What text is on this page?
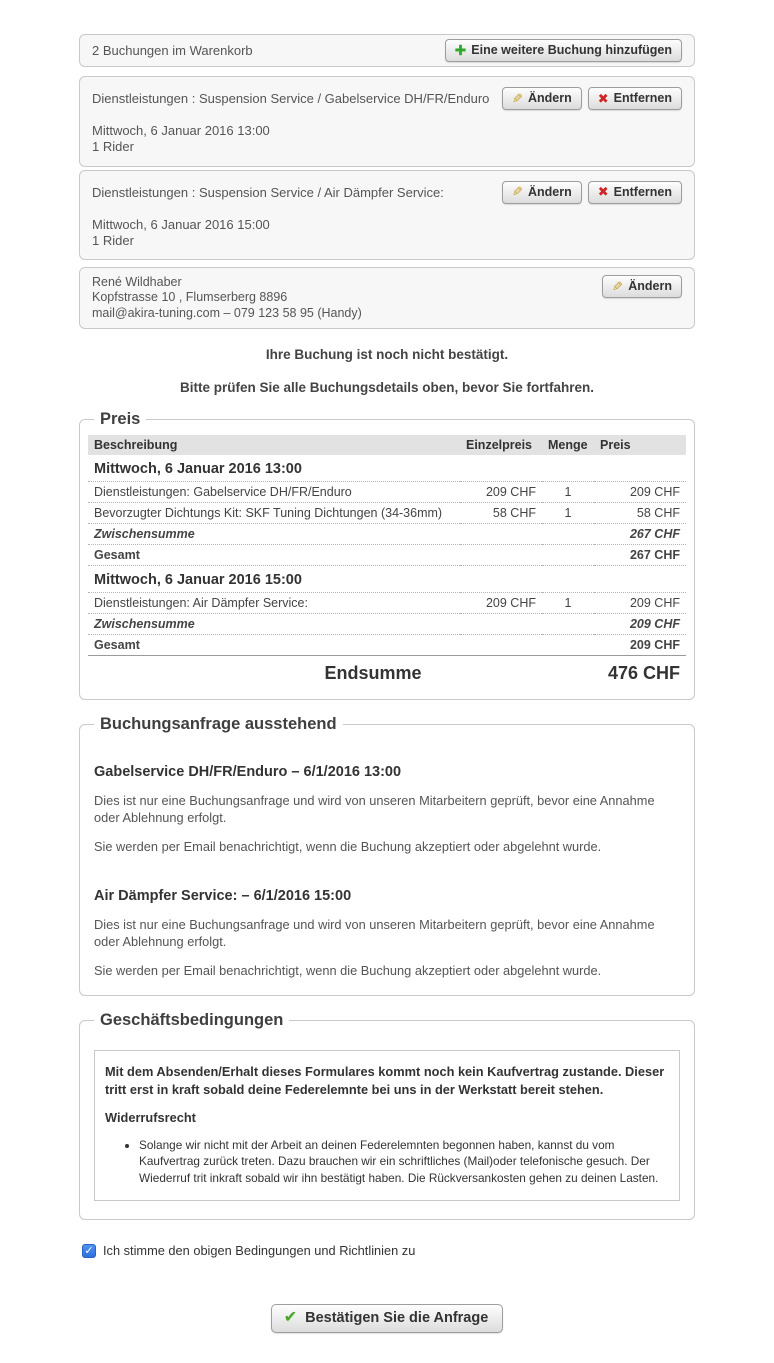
2 Buchungen im Warenkorb	✚ Eine weitere Buchung hinzufügen
Dienstleistungen : Suspension Service / Gabelservice DH/FR/Enduro ✎ Ändern ✖ Entfernen
Mittwoch, 6 Januar 2016 13:00
1 Rider
Dienstleistungen : Suspension Service / Air Dämpfer Service:	✎ Ändern ✖ Entfernen
Mittwoch, 6 Januar 2016 15:00
1 Rider
René Wildhaber
Kopfstrasse 10 , Flumserberg 8896
mail@akira-tuning.com – 079 123 58 95 (Handy)
✎ Ändern
Ihre Buchung ist noch nicht bestätigt.
Bitte prüfen Sie alle Buchungsdetails oben, bevor Sie fortfahren.
Preis
Beschreibung	Einzelpreis	Menge	Preis
Mittwoch, 6 Januar 2016 13:00			
Dienstleistungen: Gabelservice DH/FR/Enduro	209 CHF	1	209 CHF
Bevorzugter Dichtungs Kit: SKF Tuning Dichtungen (34-36mm)	58 CHF	1	58 CHF
Zwischensumme			267 CHF
Gesamt			267 CHF
Mittwoch, 6 Januar 2016 15:00			
Dienstleistungen: Air Dämpfer Service:	209 CHF	1	209 CHF
Zwischensumme			209 CHF
Gesamt			209 CHF
Endsumme			476 CHF
Buchungsanfrage ausstehend
Gabelservice DH/FR/Enduro – 6/1/2016 13:00
Dies ist nur eine Buchungsanfrage und wird von unseren Mitarbeitern geprüft, bevor eine Annahme oder Ablehnung erfolgt.
Sie werden per Email benachrichtigt, wenn die Buchung akzeptiert oder abgelehnt wurde.
Air Dämpfer Service: – 6/1/2016 15:00
Dies ist nur eine Buchungsanfrage und wird von unseren Mitarbeitern geprüft, bevor eine Annahme oder Ablehnung erfolgt.
Sie werden per Email benachrichtigt, wenn die Buchung akzeptiert oder abgelehnt wurde.
Geschäftsbedingungen
Mit dem Absenden/Erhalt dieses Formulares kommt noch kein Kaufvertrag zustande. Dieser tritt erst in kraft sobald deine Federelemnte bei uns in der Werkstatt bereit stehen.
Widerrufsrecht
• Solange wir nicht mit der Arbeit an deinen Federelemnten begonnen haben, kannst du vom Kaufvertrag zurück treten. Dazu brauchen wir ein schriftliches (Mail)oder telefonische gesuch. Der Wiederruf trit inkraft sobald wir ihn bestätigt haben. Die Rückversankosten gehen zu deinen Lasten.
✓ Ich stimme den obigen Bedingungen und Richtlinien zu
✔ Bestätigen Sie die Anfrage
